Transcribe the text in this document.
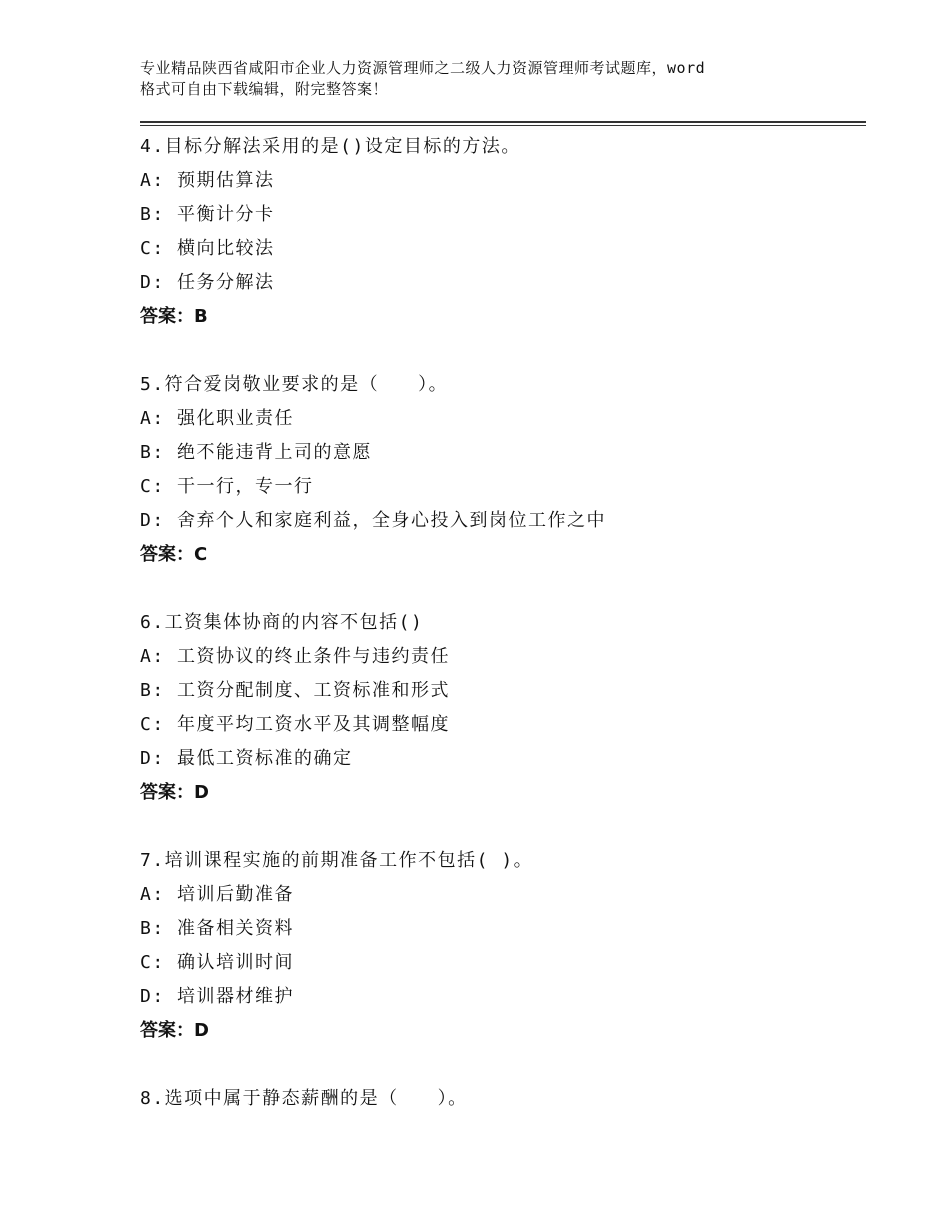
专业精品陕西省咸阳市企业人力资源管理师之二级人力资源管理师考试题库，word
格式可自由下载编辑，附完整答案！
4.目标分解法采用的是()设定目标的方法。
A: 预期估算法
B: 平衡计分卡
C: 横向比较法
D: 任务分解法
答案：B
5.符合爱岗敬业要求的是（　　）。
A: 强化职业责任
B: 绝不能违背上司的意愿
C: 干一行，专一行
D: 舍弃个人和家庭利益，全身心投入到岗位工作之中
答案：C
6.工资集体协商的内容不包括()
A: 工资协议的终止条件与违约责任
B: 工资分配制度、工资标准和形式
C: 年度平均工资水平及其调整幅度
D: 最低工资标准的确定
答案：D
7.培训课程实施的前期准备工作不包括( )。
A: 培训后勤准备
B: 准备相关资料
C: 确认培训时间
D: 培训器材维护
答案：D
8.选项中属于静态薪酬的是（　　）。
